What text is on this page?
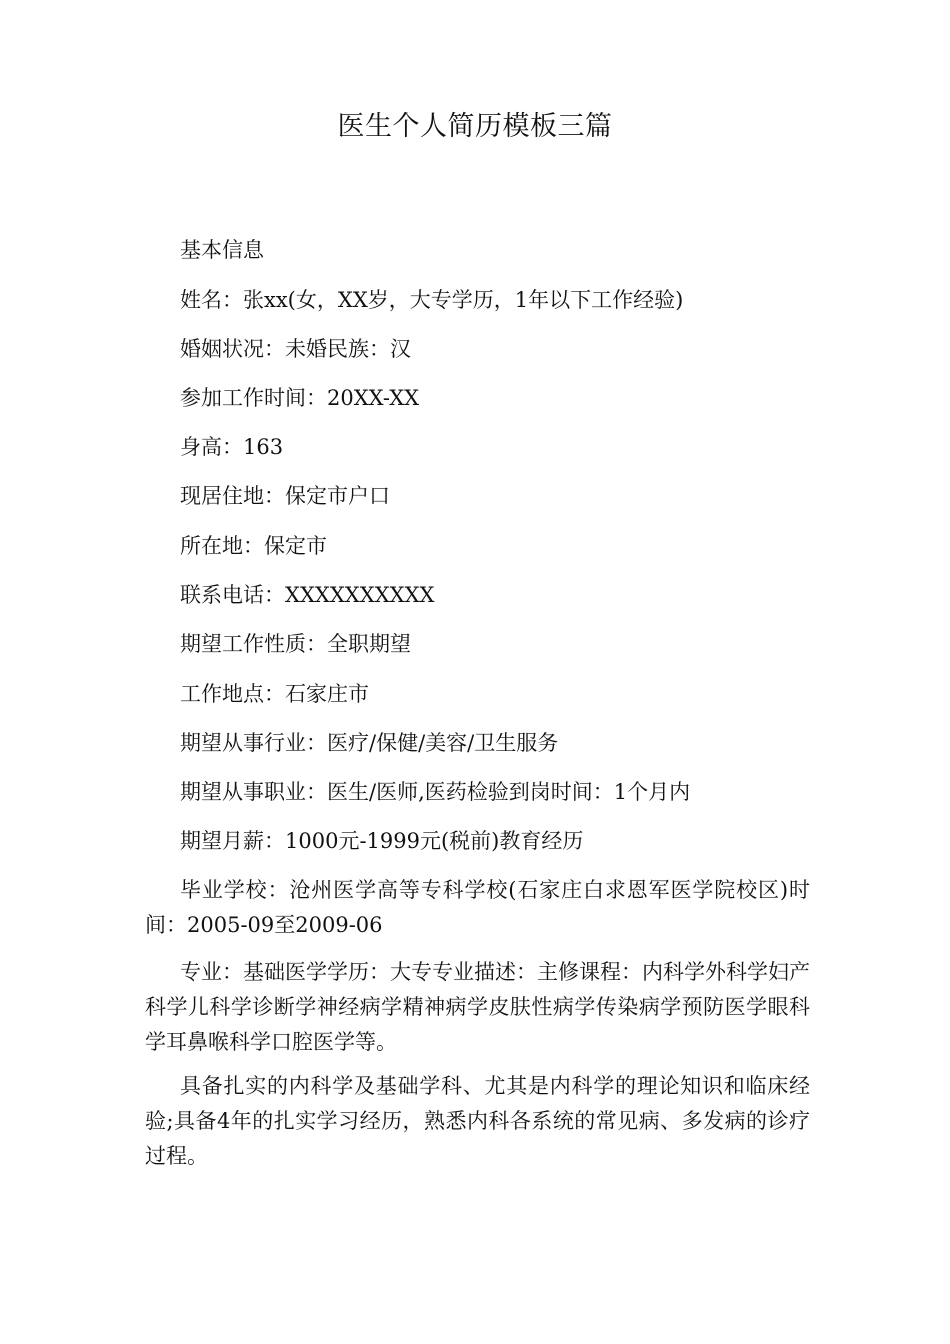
医生个人简历模板三篇
基本信息
姓名：张xx(女，XX岁，大专学历，1年以下工作经验)
婚姻状况：未婚民族：汉
参加工作时间：20XX-XX
身高：163
现居住地：保定市户口
所在地：保定市
联系电话：XXXXXXXXXX
期望工作性质：全职期望
工作地点：石家庄市
期望从事行业：医疗/保健/美容/卫生服务
期望从事职业：医生/医师,医药检验到岗时间：1个月内
期望月薪：1000元-1999元(税前)教育经历
毕业学校：沧州医学高等专科学校(石家庄白求恩军医学院校区)时间：2005-09至2009-06
专业：基础医学学历：大专专业描述：主修课程：内科学外科学妇产科学儿科学诊断学神经病学精神病学皮肤性病学传染病学预防医学眼科学耳鼻喉科学口腔医学等。
具备扎实的内科学及基础学科、尤其是内科学的理论知识和临床经验;具备4年的扎实学习经历，熟悉内科各系统的常见病、多发病的诊疗过程。
